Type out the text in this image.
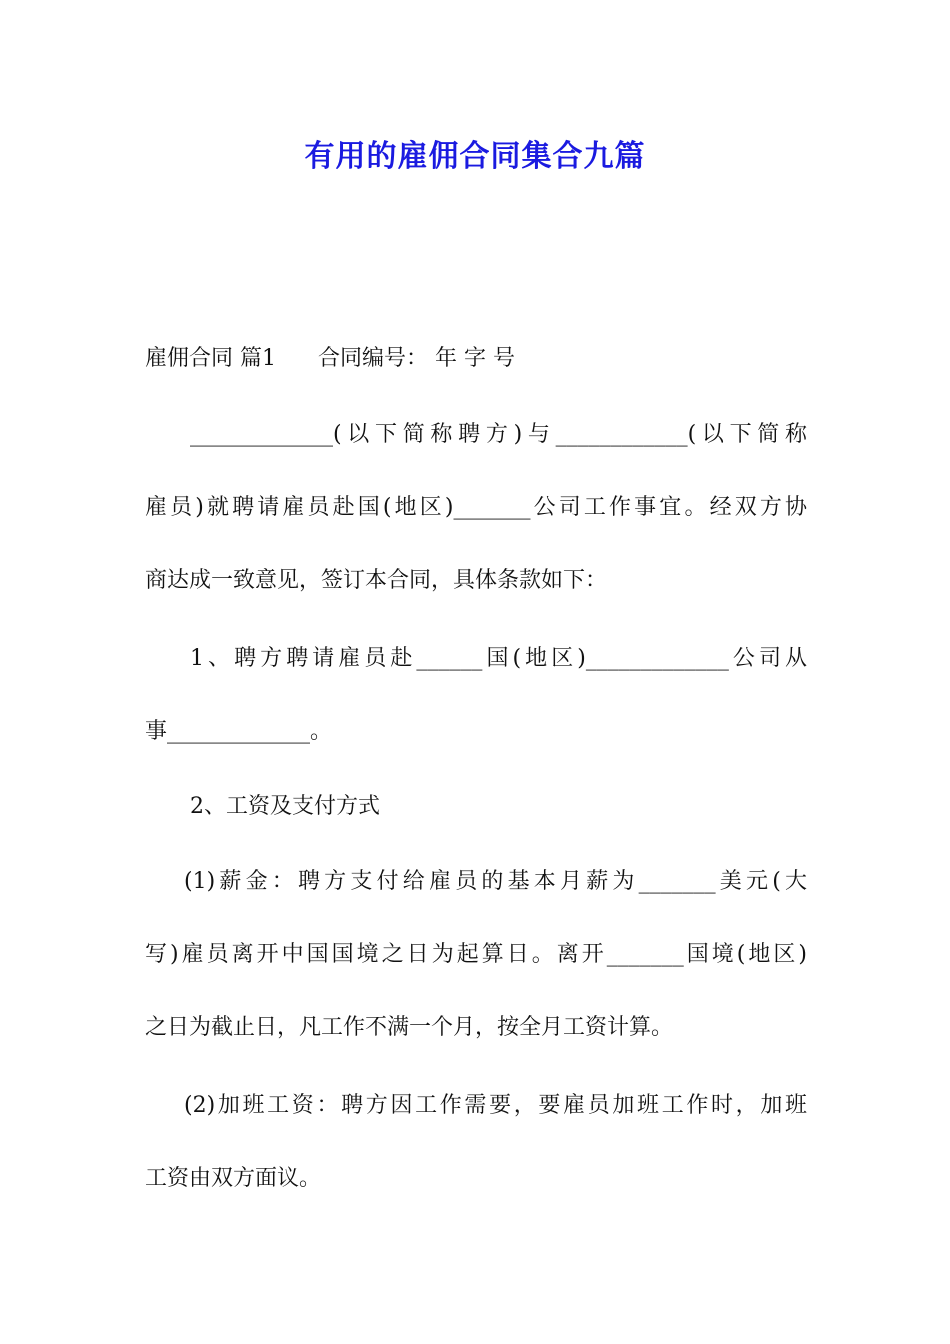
有用的雇佣合同集合九篇
雇佣合同 篇1 合同编号： 年 字 号
_____________(以下简称聘方)与____________(以下简称
雇员)就聘请雇员赴国(地区)_______公司工作事宜。经双方协
商达成一致意见，签订本合同，具体条款如下：
1、聘方聘请雇员赴______国(地区)_____________公司从
事_____________。
2、工资及支付方式
(1)薪金：聘方支付给雇员的基本月薪为_______美元(大
写)雇员离开中国国境之日为起算日。离开_______国境(地区)
之日为截止日，凡工作不满一个月，按全月工资计算。
(2)加班工资：聘方因工作需要，要雇员加班工作时，加班
工资由双方面议。
